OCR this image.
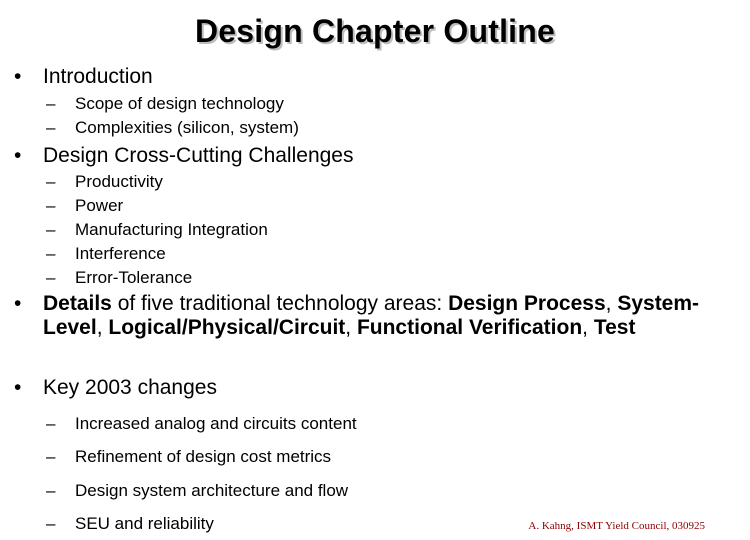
Design Chapter Outline
• Introduction
– Scope of design technology
– Complexities (silicon, system)
• Design Cross-Cutting Challenges
– Productivity
– Power
– Manufacturing Integration
– Interference
– Error-Tolerance
• Details of five traditional technology areas: Design Process, System-Level, Logical/Physical/Circuit, Functional Verification, Test
• Key 2003 changes
– Increased analog and circuits content
– Refinement of design cost metrics
– Design system architecture and flow
– SEU and reliability	A. Kahng, ISMT Yield Council, 030925
